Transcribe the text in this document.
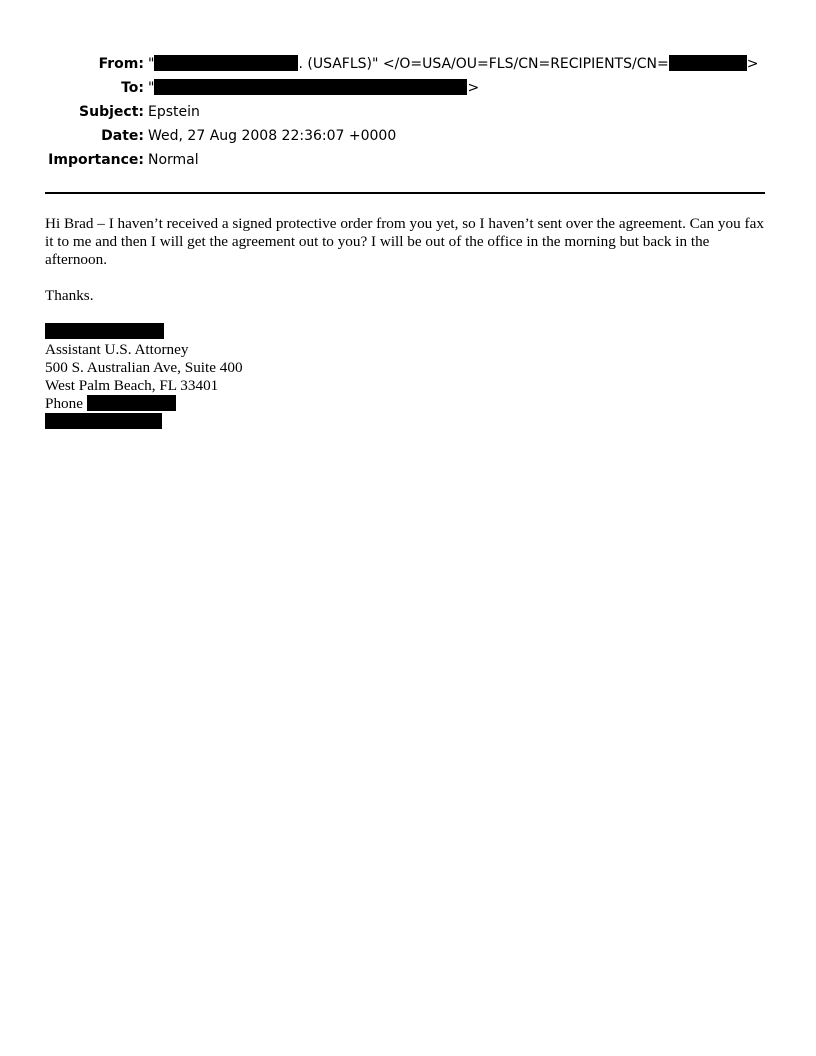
From: "	. (USAFLS)" </O=USA/OU=FLS/CN=RECIPIENTS/CN=	>
To: "	>
Subject: Epstein
Date: Wed, 27 Aug 2008 22:36:07 +0000
Importance: Normal

Hi Brad – I haven’t received a signed protective order from you yet, so I haven’t sent over the agreement. Can you fax it to me and then I will get the agreement out to you? I will be out of the office in the morning but back in the afternoon.

Thanks.
Assistant U.S. Attorney
500 S. Australian Ave, Suite 400
West Palm Beach, FL 33401
Phone
